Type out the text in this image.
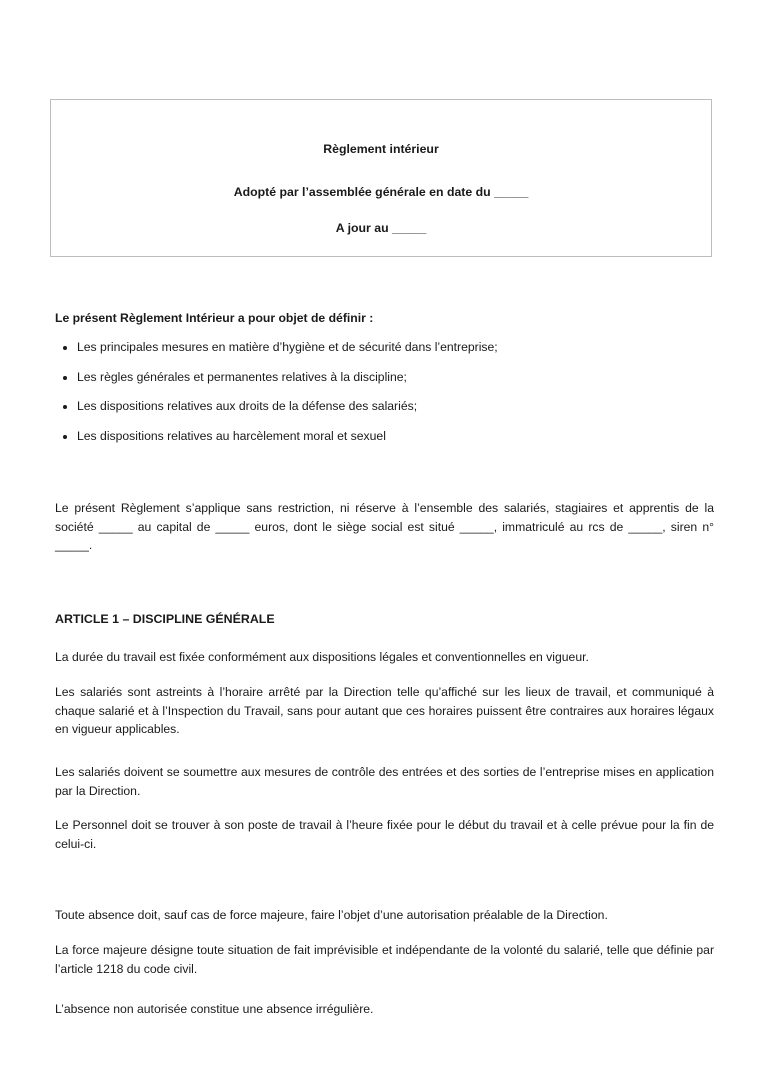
Règlement intérieur
Adopté par l’assemblée générale en date du _____
A jour au _____
Le présent Règlement Intérieur a pour objet de définir :
Les principales mesures en matière d’hygiène et de sécurité dans l’entreprise;
Les règles générales et permanentes relatives à la discipline;
Les dispositions relatives aux droits de la défense des salariés;
Les dispositions relatives au harcèlement moral et sexuel

Le présent Règlement s’applique sans restriction, ni réserve à l’ensemble des salariés, stagiaires et apprentis de la société _____ au capital de _____ euros, dont le siège social est situé _____, immatriculé au rcs de _____, siren n° _____.

ARTICLE 1 – DISCIPLINE GÉNÉRALE

La durée du travail est fixée conformément aux dispositions légales et conventionnelles en vigueur.

Les salariés sont astreints à l’horaire arrêté par la Direction telle qu’affiché sur les lieux de travail, et communiqué à chaque salarié et à l’Inspection du Travail, sans pour autant que ces horaires puissent être contraires aux horaires légaux en vigueur applicables.

Les salariés doivent se soumettre aux mesures de contrôle des entrées et des sorties de l’entreprise mises en application par la Direction.

Le Personnel doit se trouver à son poste de travail à l’heure fixée pour le début du travail et à celle prévue pour la fin de celui-ci.

Toute absence doit, sauf cas de force majeure, faire l’objet d’une autorisation préalable de la Direction.

La force majeure désigne toute situation de fait imprévisible et indépendante de la volonté du salarié, telle que définie par l’article 1218 du code civil.

L’absence non autorisée constitue une absence irrégulière.
